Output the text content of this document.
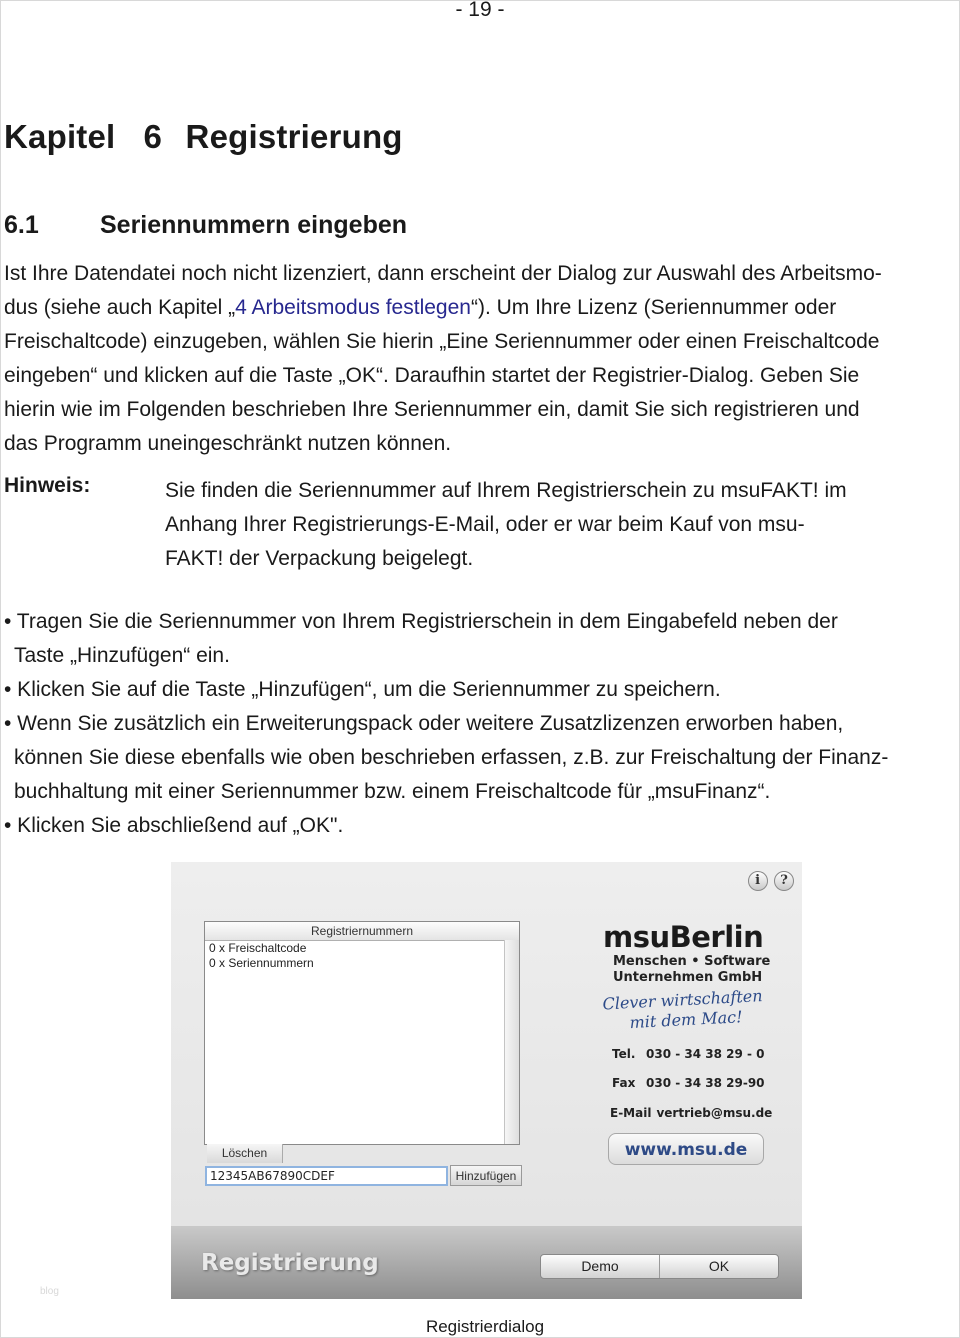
- 19 -
Kapitel 6 Registrierung
6.1 Seriennummern eingeben

Ist Ihre Datendatei noch nicht lizenziert, dann erscheint der Dialog zur Auswahl des Arbeitsmo-

dus (siehe auch Kapitel „4 Arbeitsmodus festlegen“). Um Ihre Lizenz (Seriennummer oder

Freischaltcode) einzugeben, wählen Sie hierin „Eine Seriennummer oder einen Freischaltcode

eingeben“ und klicken auf die Taste „OK“. Daraufhin startet der Registrier-Dialog. Geben Sie

hierin wie im Folgenden beschrieben Ihre Seriennummer ein, damit Sie sich registrieren und

das Programm uneingeschränkt nutzen können.

Hinweis:	Sie finden die Seriennummer auf Ihrem Registrierschein zu msuFAKT! im

Anhang Ihrer Registrierungs-E-Mail, oder er war beim Kauf von msu-

FAKT! der Verpackung beigelegt.

• Tragen Sie die Seriennummer von Ihrem Registrierschein in dem Eingabefeld neben der

Taste „Hinzufügen“ ein.

• Klicken Sie auf die Taste „Hinzufügen“, um die Seriennummer zu speichern.

• Wenn Sie zusätzlich ein Erweiterungspack oder weitere Zusatzlizenzen erworben haben,

können Sie diese ebenfalls wie oben beschrieben erfassen, z.B. zur Freischaltung der Finanz-

buchhaltung mit einer Seriennummer bzw. einem Freischaltcode für „msuFinanz“.

• Klicken Sie abschließend auf „OK".

i ?
Registriernummern
0 x Freischaltcode
0 x Seriennummern
Löschen
12345AB67890CDEF	Hinzufügen
msuBerlin
Menschen • Software
Unternehmen GmbH
Clever wirtschaften
mit dem Mac!
Tel. 030 - 34 38 29 - 0
Fax 030 - 34 38 29-90
E-Mail vertrieb@msu.de
www.msu.de
Registrierung	Demo	OK
blog
Registrierdialog
